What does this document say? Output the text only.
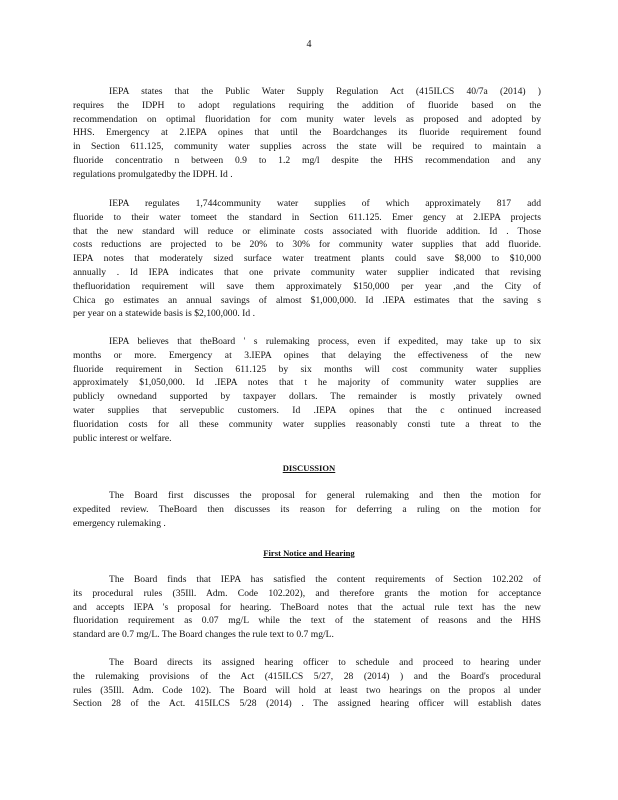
4
IEPA states that the Public Water Supply Regulation Act (415ILCS 40/7a (2014) )
requires the IDPH to adopt regulations requiring the addition of fluoride based on the
recommendation on optimal fluoridation for com munity water levels as proposed and adopted by
HHS. Emergency at 2.IEPA opines that until the Boardchanges its fluoride requirement found
in Section 611.125, community water supplies across the state will be required to maintain a
fluoride concentratio n between 0.9 to 1.2 mg/l despite the HHS recommendation and any
regulations promulgatedby the IDPH. Id .
IEPA regulates 1,744community water supplies of which approximately 817 add
fluoride to their water tomeet the standard in Section 611.125. Emer gency at 2.IEPA projects
that the new standard will reduce or eliminate costs associated with fluoride addition. Id . Those
costs reductions are projected to be 20% to 30% for community water supplies that add fluoride.
IEPA notes that moderately sized surface water treatment plants could save $8,000 to $10,000
annually . Id IEPA indicates that one private community water supplier indicated that revising
thefluoridation requirement will save them approximately $150,000 per year ,and the City of
Chica go estimates an annual savings of almost $1,000,000. Id .IEPA estimates that the saving s
per year on a statewide basis is $2,100,000. Id .
IEPA believes that theBoard ' s rulemaking process, even if expedited, may take up to six
months or more. Emergency at 3.IEPA opines that delaying the effectiveness of the new
fluoride requirement in Section 611.125 by six months will cost community water supplies
approximately $1,050,000. Id .IEPA notes that t he majority of community water supplies are
publicly ownedand supported by taxpayer dollars. The remainder is mostly privately owned
water supplies that servepublic customers. Id .IEPA opines that the c ontinued increased
fluoridation costs for all these community water supplies reasonably consti tute a threat to the
public interest or welfare.
DISCUSSION
The Board first discusses the proposal for general rulemaking and then the motion for
expedited review. TheBoard then discusses its reason for deferring a ruling on the motion for
emergency rulemaking .
First Notice and Hearing
The Board finds that IEPA has satisfied the content requirements of Section 102.202 of
its procedural rules (35Ill. Adm. Code 102.202), and therefore grants the motion for acceptance
and accepts IEPA 's proposal for hearing. TheBoard notes that the actual rule text has the new
fluoridation requirement as 0.07 mg/L while the text of the statement of reasons and the HHS
standard are 0.7 mg/L. The Board changes the rule text to 0.7 mg/L.
The Board directs its assigned hearing officer to schedule and proceed to hearing under
the rulemaking provisions of the Act (415ILCS 5/27, 28 (2014) ) and the Board's procedural
rules (35Ill. Adm. Code 102). The Board will hold at least two hearings on the propos al under
Section 28 of the Act. 415ILCS 5/28 (2014) . The assigned hearing officer will establish dates
